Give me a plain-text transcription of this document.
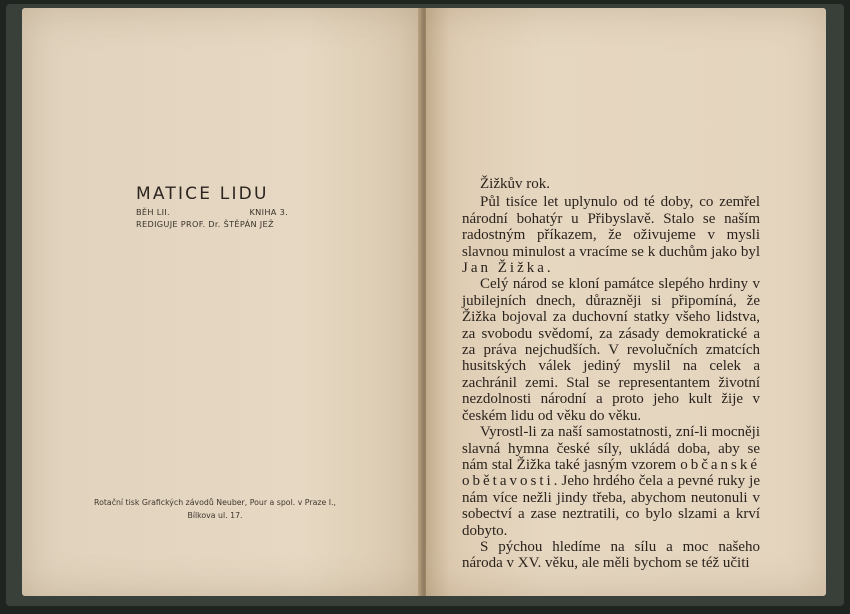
MATICE LIDU
BĚH LII.	KNIHA 3.
REDIGUJE PROF. Dr. ŠTĚPÁN JEŽ
Rotační tisk Grafických závodů Neuber, Pour a spol. v Praze I.,
Bílkova ul. 17.

Žižkův rok.

Půl tisíce let uplynulo od té doby, co zemřel národní bohatýr u Přibyslavě. Stalo se naším radostným příkazem, že oživujeme v mysli slavnou minulost a vracíme se k duchům jako byl Jan Žižka.

Celý národ se kloní památce slepého hrdiny v jubilejních dnech, důrazněji si připomíná, že Žižka bojoval za duchovní statky všeho lidstva, za svobodu svědomí, za zásady demokratické a za práva nejchudších. V revolučních zmatcích husitských válek jediný myslil na celek a zachránil zemi. Stal se representantem životní nezdolnosti národní a proto jeho kult žije v českém lidu od věku do věku.

Vyrostl-li za naší samostatnosti, zní-li mocněji slavná hymna české síly, ukládá doba, aby se nám stal Žižka také jasným vzorem občanské obětavosti. Jeho hrdého čela a pevné ruky je nám více nežli jindy třeba, abychom neutonuli v sobectví a zase neztratili, co bylo slzami a krví dobyto.

S pýchou hledíme na sílu a moc našeho národa v XV. věku, ale měli bychom se též učiti
